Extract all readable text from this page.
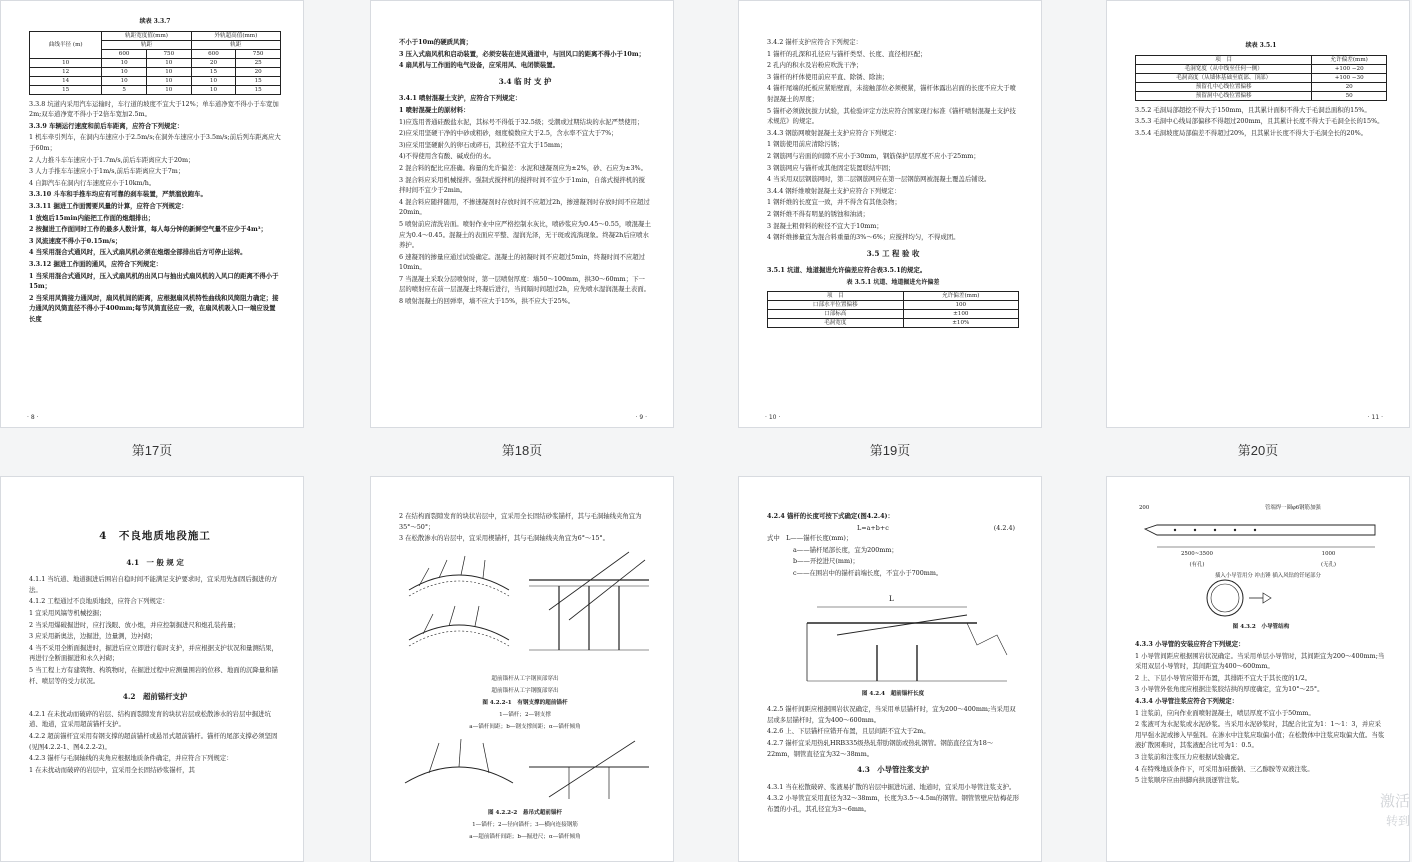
续表 3.3.7
曲线半径 (m)	轨距宽度值(mm)		外轨超高值(mm)	
	轨距		轨距	
	600	750	600	750
10	10	10	20	25
12	10	10	15	20
14	10	10	10	15
15	5	10	10	15

3.3.8 坑道内采用汽车运输时，车行道的坡度不宜大于12%；单车道净宽不得小于车宽加2m;双车道净宽不得小于2倍车宽加2.5m。

3.3.9 车辆运行速度和前后车距离，应符合下列规定：

1 机车牵引列车，在洞内车速应小于2.5m/s;在洞外车速应小于3.5m/s;前后列车距离应大于60m；

2 人力推斗车车速应小于1.7m/s,前后车距离应大于20m；

3 人力手推车车速应小于1m/s,前后车距离应大于7m；

4 自卸汽车在洞内行车速度应小于10km/h。

3.3.10 斗车和手推车均应有可靠的刹车装置，严禁溜放跑车。

3.3.11 掘进工作面需要风量的计算，应符合下列规定：

1 放炮后15min内能把工作面的炮烟排出；

2 按掘进工作面同时工作的最多人数计算，每人每分钟的新鲜空气量不应少于4m³；

3 风流速度不得小于0.15m/s；

4 当采用混合式通风时，压入式扇风机必须在炮烟全部排出后方可停止运转。

3.3.12 掘进工作面的通风，应符合下列规定：

1 当采用混合式通风时，压入式扇风机的出风口与抽出式扇风机的入风口的距离不得小于15m；

2 当采用风筒接力通风时，扇风机间的距离，应根据扇风机特性曲线和风筒阻力确定；接力通风的风筒直径不得小于400mm;每节风筒直径应一致，在扇风机吸入口一端应设置长度

· 8 ·
第17页

不小于10m的硬质风筒；

3 压入式扇风机和启动装置，必须安装在进风通道中，与回风口的距离不得小于10m；

4 扇风机与工作面的电气设备，应采用风、电闭锁装置。

3.4 临 时 支 护

3.4.1 喷射混凝土支护，应符合下列规定：

1 喷射混凝土的原材料：

1)应选用普通硅酸盐水泥，其标号不得低于32.5级；受潮或过期结块的水泥严禁使用；

2)应采用坚硬干净的中砂或粗砂，细度模数应大于2.5，含水率不宜大于7%；

3)应采用坚硬耐久的卵石或碎石，其粒径不宜大于15mm；

4)不得使用含有酸、碱成份的水。

2 混合料的配比应准确。称量的允许偏差：水泥和速凝剂应为±2%，砂、石应为±3%。

3 混合料应采用机械搅拌。强制式搅拌机的搅拌时间不宜少于1min，自落式搅拌机的搅拌时间不宜少于2min。

4 混合料应随拌随用，不掺速凝剂时存放时间不应超过2h，掺速凝剂时存放时间不应超过20min。

5 喷射前应清洗岩面。喷射作业中应严格控制水灰比，喷砂浆应为0.45～0.55，喷混凝土应为0.4～0.45。混凝土的表面应平整、湿润光泽，无干斑或流淌现象。终凝2h后应喷水养护。

6 速凝剂的掺量应通过试验确定。混凝土的初凝时间不应超过5min，终凝时间不应超过10min。

7 当混凝土采取分层喷射时，第一层喷射厚度：墙50～100mm，拱30～60mm；下一层的喷射应在前一层混凝土终凝后进行，当间隔时间超过2h，应先喷水湿润混凝土表面。

8 喷射混凝土的回弹率，墙不应大于15%，拱不应大于25%。

· 9 ·
第18页

3.4.2 锚杆支护应符合下列规定：

1 锚杆的孔深和孔径应与锚杆类型、长度、直径相匹配；

2 孔内的积水及岩粉应吹洗干净；

3 锚杆的杆体使用前应平直、除锈、除油；

4 锚杆尾端的托板应紧贴壁面，未接触部位必须楔紧，锚杆体露出岩面的长度不应大于喷射混凝土的厚度；

5 锚杆必须做抗拔力试验，其检验评定方法应符合国家现行标准《锚杆喷射混凝土支护技术规范》的规定。

3.4.3 钢筋网喷射混凝土支护应符合下列规定：

1 钢筋使用前应清除污锈；

2 钢筋网与岩面的间隙不应小于30mm，钢筋保护层厚度不应小于25mm；

3 钢筋网应与锚杆或其他固定装置联结牢固；

4 当采用双层钢筋网时，第二层钢筋网应在第一层钢筋网被混凝土覆盖后铺设。

3.4.4 钢纤维喷射混凝土支护应符合下列规定：

1 钢纤维的长度宜一致，并不得含有其他杂物；

2 钢纤维不得有明显的锈蚀和油渍；

3 混凝土粗骨料的粒径不宜大于10mm；

4 钢纤维掺量宜为混合料重量的3%～6%；应搅拌均匀，不得成团。

3.5 工 程 验 收

3.5.1 坑道、地道掘进允许偏差应符合表3.5.1的规定。

表 3.5.1 坑道、地道掘进允许偏差
项　目	允许偏差(mm)
口部水平位置偏移	100
口部标高	±100
毛洞宽度	±10%
· 10 ·
第19页
续表 3.5.1
项　目	允许偏差(mm)
毛洞宽度（从中线至任何一侧）	+100 −20
毛洞高度（从墙体基础至底部、顶部）	+100 −30
预留孔中心线位置偏移	20
预留洞中心线位置偏移	50

3.5.2 毛洞局部超挖不得大于150mm，且其累计面积不得大于毛洞总面积的15%。

3.5.3 毛洞中心线局部偏移不得超过200mm，且其累计长度不得大于毛洞全长的15%。

3.5.4 毛洞坡度局部偏差不得超过20%，且其累计长度不得大于毛洞全长的20%。

· 11 ·
第20页
4　不良地质地段施工
4.1　一 般 规 定

4.1.1 当坑道、地道掘进后围岩自稳时间不能满足支护要求时，宜采用先加固后掘进的方法。

4.1.2 工程通过不良地质地段，应符合下列规定：

1 宜采用风镐等机械挖掘；

2 当采用爆破掘进时，应打浅眼、放小炮，并应控制掘进尺和炮孔装药量；

3 应采用新奥法，边掘进，边量测，边衬砌；

4 当不采用全断面掘进时，掘进后应立即进行临时支护，并应根据支护状况和量测结果，再进行全断面掘进和永久衬砌；

5 当工程上方有建筑物、构筑物时，在掘进过程中应测量围岩的位移、地面的沉降量和锚杆、喷层等的受力状况。

4.2　超前锚杆支护

4.2.1 在未扰动而破碎的岩层、结构面裂隙发育的块状岩层或松散渗水的岩层中掘进坑道、地道，宜采用超前锚杆支护。

4.2.2 超前锚杆宜采用有钢支撑的超前锚杆或悬吊式超前锚杆。锚杆的尾部支撑必须坚固(见图4.2.2-1、图4.2.2-2)。

4.2.3 锚杆与毛洞轴线的夹角应根据地质条件确定，并应符合下列规定：

1 在未扰动而破碎的岩层中，宜采用全长固结砂浆锚杆，其

2 在结构面裂隙发育的块状岩层中，宜采用全长固结砂浆锚杆，其与毛洞轴线夹角宜为35°～50°；

3 在松散渗水的岩层中，宜采用楔锚杆，其与毛洞轴线夹角宜为6°～15°。

超前锚杆从工字钢顶部穿出
超前锚杆从工字钢腹部穿出
图 4.2.2-1　有钢支撑的超前锚杆
1—锚杆；2—钢支撑
a—锚杆间距；b—钢支撑间距；α—锚杆倾角
图 4.2.2-2　悬吊式超前锚杆
1—锚杆；2—径向锚杆；3—横向连接钢筋
a—超前锚杆间距；b—掘进尺；α—锚杆倾角

4.2.4 锚杆的长度可按下式确定(图4.2.4)：

L=a+b+c	(4.2.4)

式中　L——锚杆长度(mm)；

a——锚杆尾部长度，宜为200mm；

b——开挖进尺(mm)；

c——在围岩中的锚杆前端长度，不宜小于700mm。

L
图 4.2.4　超前锚杆长度

4.2.5 锚杆间距应根据围岩状况确定，当采用单层锚杆时，宜为200～400mm;当采用双层或多层锚杆时，宜为400～600mm。

4.2.6 上、下层锚杆应错开布置，且层间距不宜大于2m。

4.2.7 锚杆宜采用热轧HRB335级热轧带肋钢筋或热轧钢管。钢筋直径宜为18～22mm，钢管直径宜为32～38mm。

4.3　小导管注浆支护

4.3.1 当在松散破碎、浆液易扩散的岩层中掘进坑道、地道时，宜采用小导管注浆支护。

4.3.2 小导管宜采用直径为32～38mm，长度为3.5～4.5m的钢管。钢管管壁应钻梅花形布置的小孔，其孔径宜为3～6mm。

200	管端焊一圈φ6钢筋加强
2500~3500
(有孔)
1000
(无孔)
插入小导管用分 冲击锤 插入风钻的钎尾部分
图 4.3.2　小导管结构

4.3.3 小导管的安装应符合下列规定：

1 小导管间距应根据围岩状况确定。当采用单层小导管时，其间距宜为200～400mm;当采用双层小导管时，其间距宜为400～600mm。

2 上、下层小导管应错开布置，其排距不宜大于其长度的1/2。

3 小导管外张角度应根据注浆胶结拱的厚度确定，宜为10°～25°。

4.3.4 小导管注浆应符合下列规定：

1 注浆前，应向作业面喷射混凝土，喷层厚度不宜小于50mm。

2 浆液可为水泥浆或水泥砂浆。当采用水泥砂浆时，其配合比宜为1：1～1：3，并应采用早强水泥或掺入早强剂。在渗水中注浆应取偏小值；在松散体中注浆应取偏大值。当浆液扩散困难时，其浆液配合比可为1：0.5。

3 注浆前和注浆压力应根据试验确定。

4 在特殊地质条件下，可采用加硅酸钠、三乙醇胺等双液注浆。

5 注浆顺序应由拱脚向拱顶逐管注浆。

激活
转到
